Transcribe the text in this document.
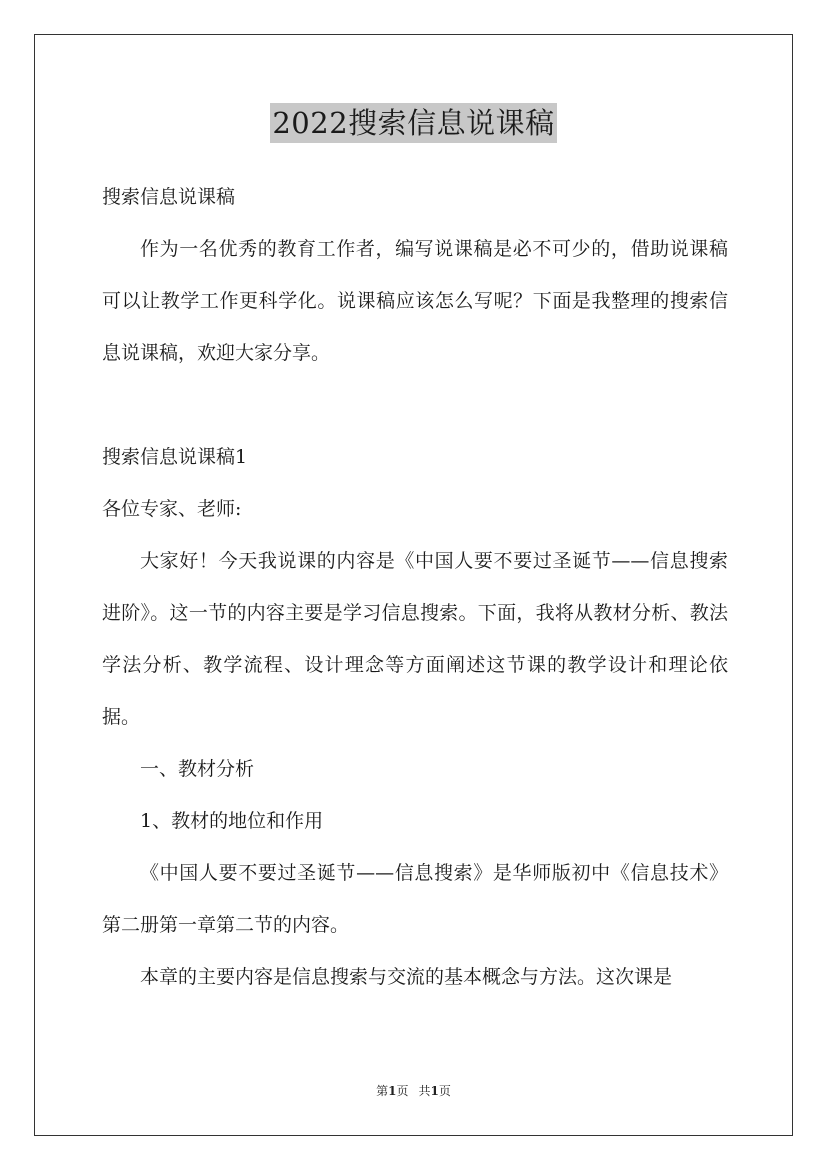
2022搜索信息说课稿

搜索信息说课稿

作为一名优秀的教育工作者，编写说课稿是必不可少的，借助说课稿可以让教学工作更科学化。说课稿应该怎么写呢？下面是我整理的搜索信息说课稿，欢迎大家分享。

搜索信息说课稿1

各位专家、老师:

大家好！今天我说课的内容是《中国人要不要过圣诞节——信息搜索进阶》。这一节的内容主要是学习信息搜索。下面，我将从教材分析、教法学法分析、教学流程、设计理念等方面阐述这节课的教学设计和理论依据。

一、教材分析

1、教材的地位和作用

《中国人要不要过圣诞节——信息搜索》是华师版初中《信息技术》第二册第一章第二节的内容。

本章的主要内容是信息搜索与交流的基本概念与方法。这次课是

第1页 共1页
